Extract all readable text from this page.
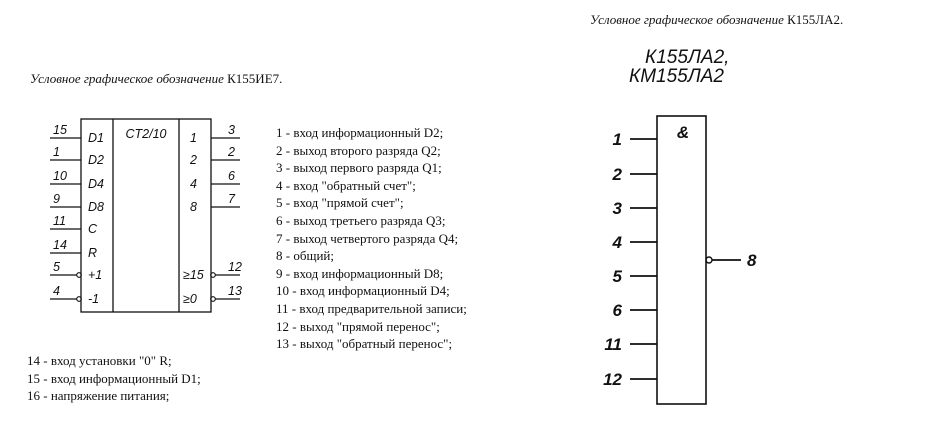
Условное графическое обозначение К155ИЕ7.
Условное графическое обозначение К155ЛА2.
CT2/10
15
D1
1
D2
10
D4
9
D8
11
C
14
R
5
+1
4
-1
3
1
2
2
6
4
7
8
12
≥15
13
≥0
К155ЛА2,
КМ155ЛА2
&
1
2
3
4
5
6
11
12
8
1 - вход информационный D2;
2 - выход второго разряда Q2;
3 - выход первого разряда Q1;
4 - вход "обратный счет";
5 - вход "прямой счет";
6 - выход третьего разряда Q3;
7 - выход четвертого разряда Q4;
8 - общий;
9 - вход информационный D8;
10 - вход информационный D4;
11 - вход предварительной записи;
12 - выход "прямой перенос";
13 - выход "обратный перенос";
14 - вход установки "0" R;
15 - вход информационный D1;
16 - напряжение питания;
